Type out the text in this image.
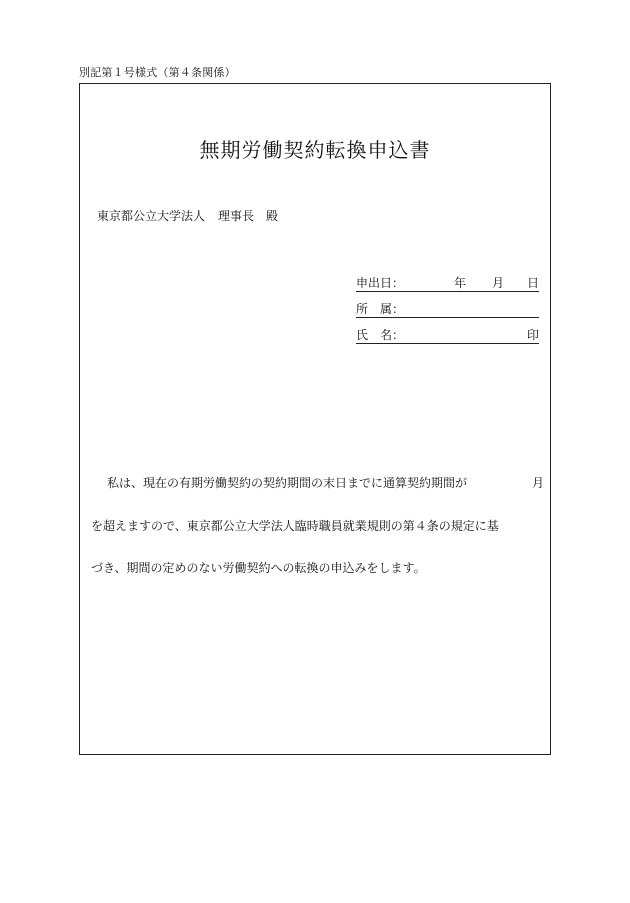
別記第１号様式（第４条関係）
無期労働契約転換申込書
東京都公立大学法人 理事長 殿
申出日：	年 月 日
所　属：
氏　名：	印
私は、現在の有期労働契約の契約期間の末日までに通算契約期間が	月
を超えますので、東京都公立大学法人臨時職員就業規則の第４条の規定に基
づき、期間の定めのない労働契約への転換の申込みをします。
